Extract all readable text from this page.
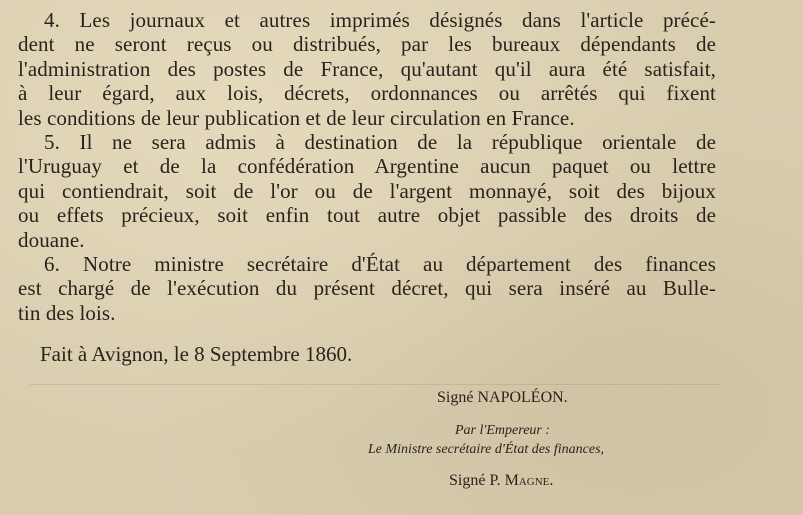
4. Les journaux et autres imprimés désignés dans l'article précé-
dent ne seront reçus ou distribués, par les bureaux dépendants de
l'administration des postes de France, qu'autant qu'il aura été satisfait,
à leur égard, aux lois, décrets, ordonnances ou arrêtés qui fixent
les conditions de leur publication et de leur circulation en France.

5. Il ne sera admis à destination de la république orientale de
l'Uruguay et de la confédération Argentine aucun paquet ou lettre
qui contiendrait, soit de l'or ou de l'argent monnayé, soit des bijoux
ou effets précieux, soit enfin tout autre objet passible des droits de
douane.

6. Notre ministre secrétaire d'État au département des finances
est chargé de l'exécution du présent décret, qui sera inséré au Bulle-
tin des lois.

Fait à Avignon, le 8 Septembre 1860.
Signé NAPOLÉON.
Par l'Empereur :
Le Ministre secrétaire d'État des finances,
Signé P. Magne.
